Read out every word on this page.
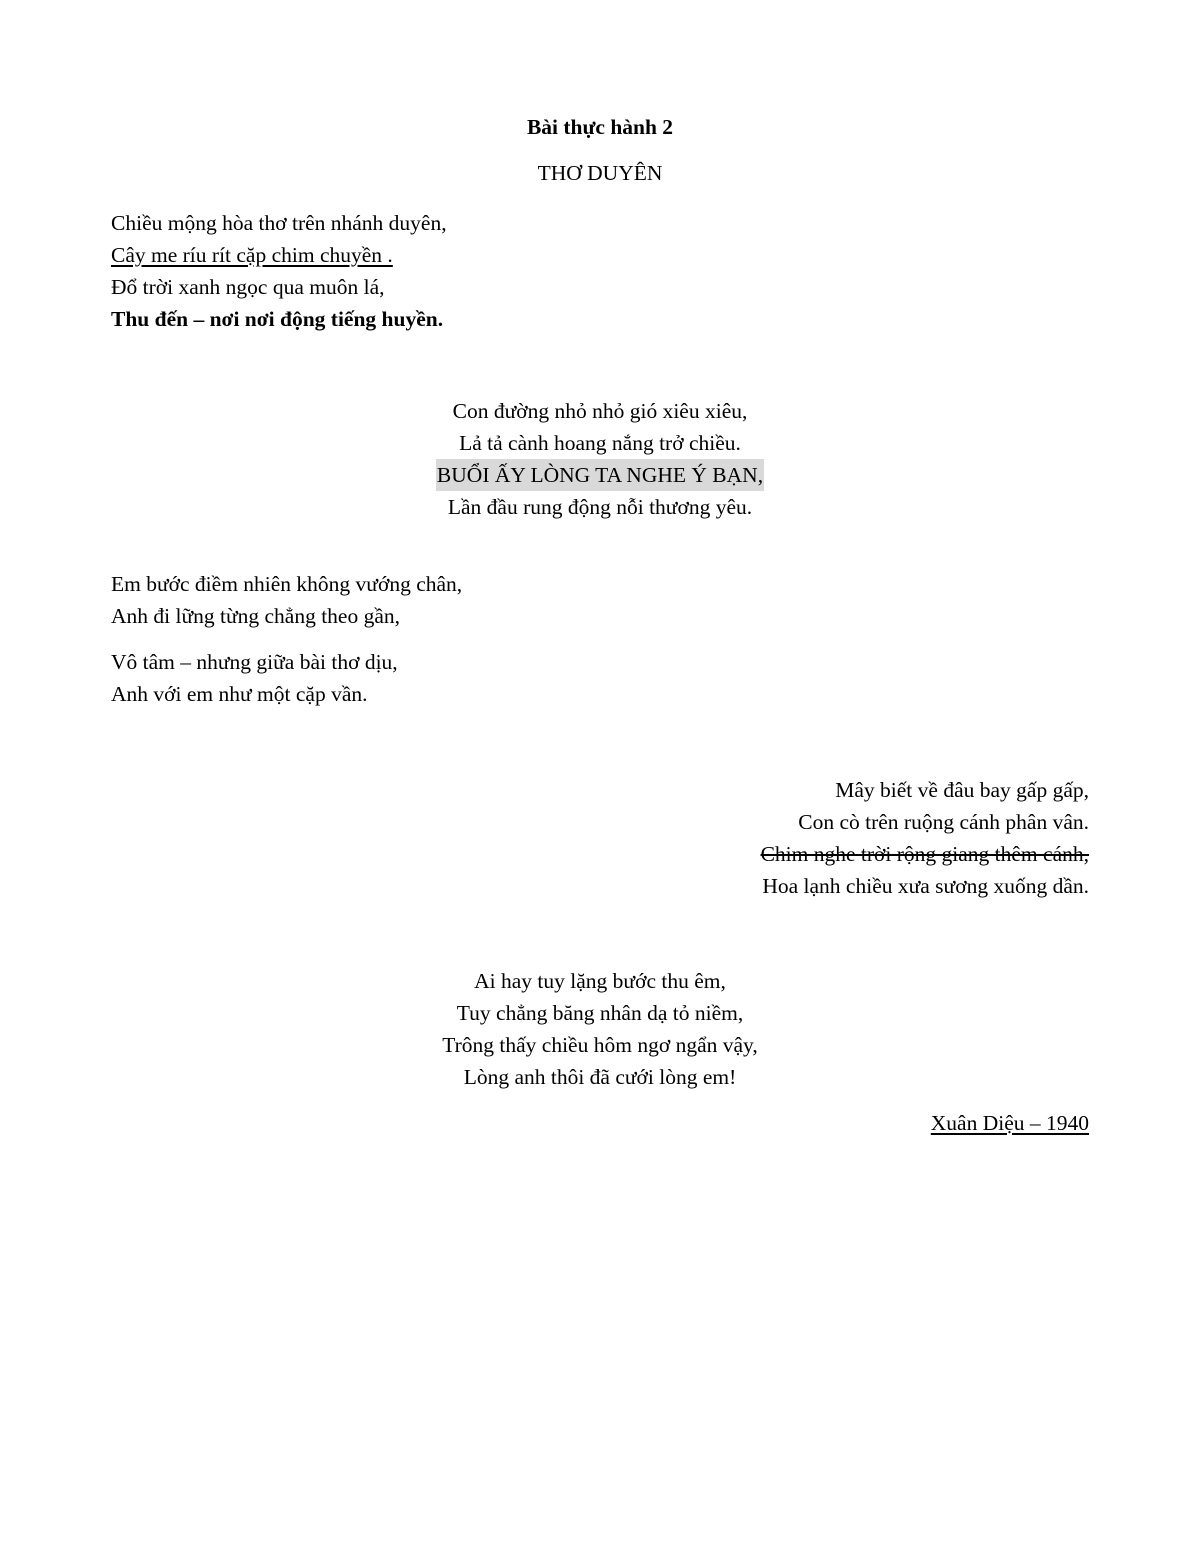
Bài thực hành 2
THƠ DUYÊN
Chiều mộng hòa thơ trên nhánh duyên,
Cây me ríu rít cặp chim chuyền .
Đổ trời xanh ngọc qua muôn lá,
Thu đến – nơi nơi động tiếng huyền.
Con đường nhỏ nhỏ gió xiêu xiêu,
Lả tả cành hoang nắng trở chiều.
BUỔI ẤY LÒNG TA NGHE Ý BẠN,
Lần đầu rung động nỗi thương yêu.
Em bước điềm nhiên không vướng chân,
Anh đi lững từng chẳng theo gần,
Vô tâm – nhưng giữa bài thơ dịu,
Anh với em như một cặp vần.
Mây biết về đâu bay gấp gấp,
Con cò trên ruộng cánh phân vân.
Chim nghe trời rộng giang thêm cánh,
Hoa lạnh chiều xưa sương xuống dần.
Ai hay tuy lặng bước thu êm,
Tuy chẳng băng nhân dạ tỏ niềm,
Trông thấy chiều hôm ngơ ngẩn vậy,
Lòng anh thôi đã cưới lòng em!
Xuân Diệu – 1940
